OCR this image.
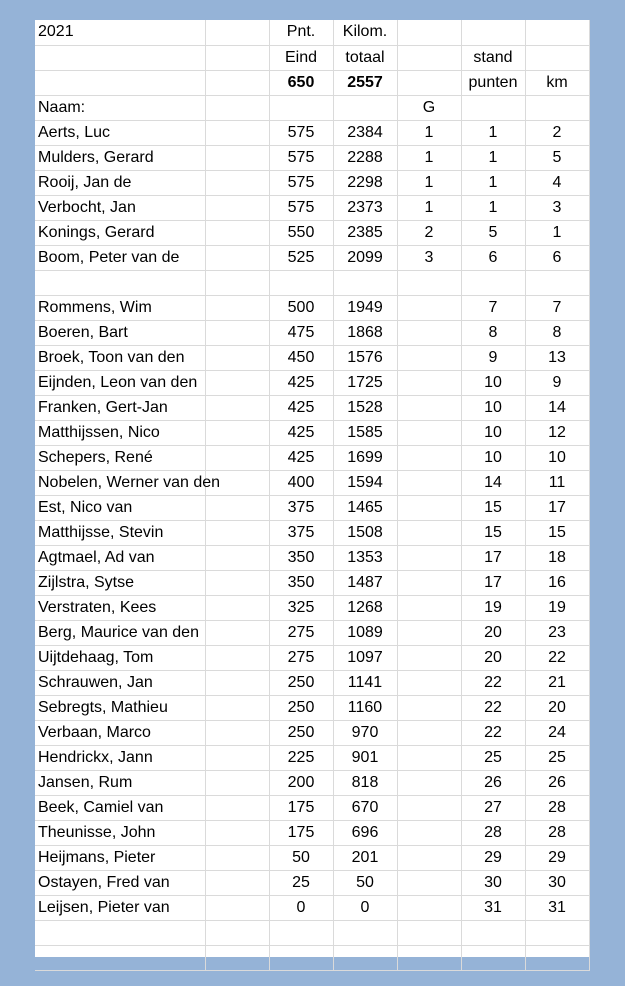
2021		Pnt.	Kilom.			
		Eind	totaal		stand	
		650	2557		punten	km
Naam:				G		
Aerts, Luc		575	2384	1	1	2
Mulders, Gerard		575	2288	1	1	5
Rooij, Jan de		575	2298	1	1	4
Verbocht, Jan		575	2373	1	1	3
Konings, Gerard		550	2385	2	5	1
Boom, Peter van de		525	2099	3	6	6

Rommens, Wim		500	1949		7	7
Boeren, Bart		475	1868		8	8
Broek, Toon van den		450	1576		9	13
Eijnden, Leon van den		425	1725		10	9
Franken, Gert-Jan		425	1528		10	14
Matthijssen, Nico		425	1585		10	12
Schepers, René		425	1699		10	10
Nobelen, Werner van den		400	1594		14	11
Est, Nico van		375	1465		15	17
Matthijsse, Stevin		375	1508		15	15
Agtmael, Ad van		350	1353		17	18
Zijlstra, Sytse		350	1487		17	16
Verstraten, Kees		325	1268		19	19
Berg, Maurice van den		275	1089		20	23
Uijtdehaag, Tom		275	1097		20	22
Schrauwen, Jan		250	1141		22	21
Sebregts, Mathieu		250	1160		22	20
Verbaan, Marco		250	970		22	24
Hendrickx, Jann		225	901		25	25
Jansen, Rum		200	818		26	26
Beek, Camiel van		175	670		27	28
Theunisse, John		175	696		28	28
Heijmans, Pieter		50	201		29	29
Ostayen, Fred van		25	50		30	30
Leijsen, Pieter van		0	0		31	31
